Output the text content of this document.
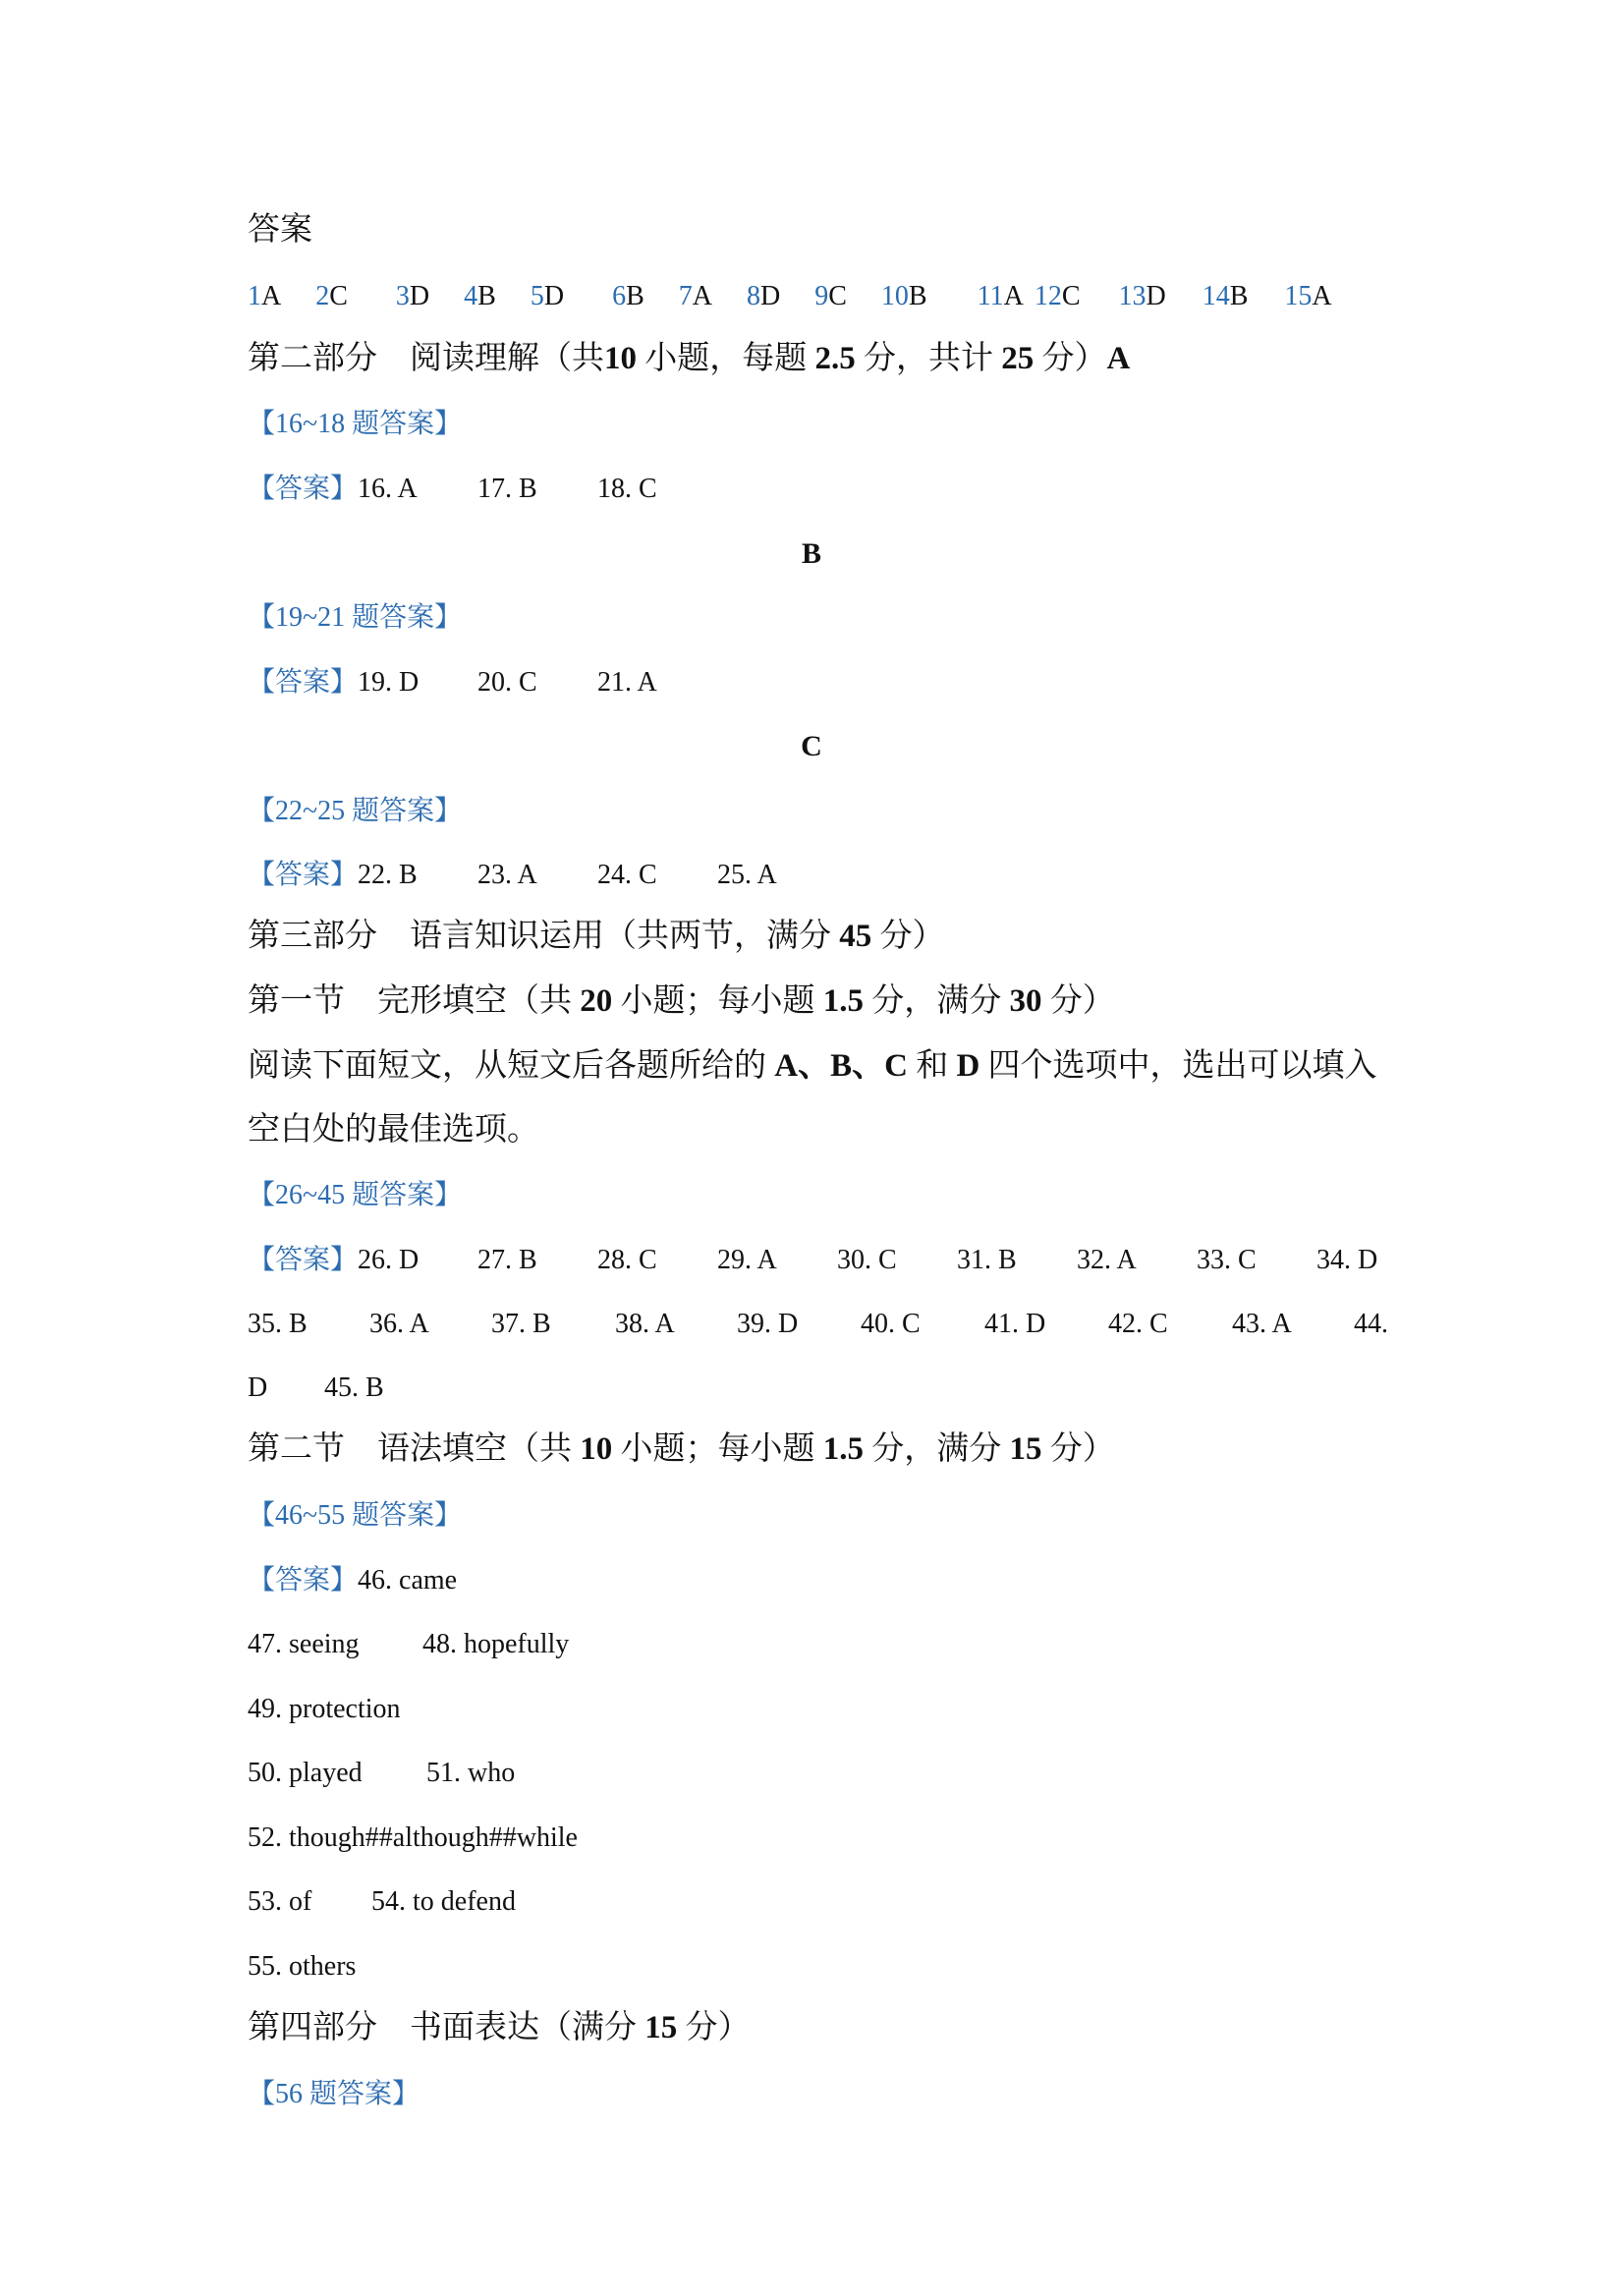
答案
1A 2C 3D 4B 5D 6B 7A 8D 9C 10B 11A 12C 13D 14B 15A
第二部分　阅读理解（共10 小题，每题 2.5 分，共计 25 分）A
【16~18 题答案】
【答案】16. A 17. B 18. C
B
【19~21 题答案】
【答案】19. D 20. C 21. A
C
【22~25 题答案】
【答案】22. B 23. A 24. C 25. A
第三部分　语言知识运用（共两节，满分 45 分）
第一节　完形填空（共 20 小题；每小题 1.5 分，满分 30 分）
阅读下面短文，从短文后各题所给的 A、B、C 和 D 四个选项中，选出可以填入
空白处的最佳选项。
【26~45 题答案】
【答案】26. D 27. B 28. C 29. A 30. C 31. B 32. A 33. C 34. D
35. B 36. A 37. B 38. A 39. D 40. C 41. D 42. C 43. A 44.
D 45. B
第二节　语法填空（共 10 小题；每小题 1.5 分，满分 15 分）
【46~55 题答案】
【答案】46. came
47. seeing 48. hopefully
49. protection
50. played 51. who
52. though##although##while
53. of 54. to defend
55. others
第四部分　书面表达（满分 15 分）
【56 题答案】
